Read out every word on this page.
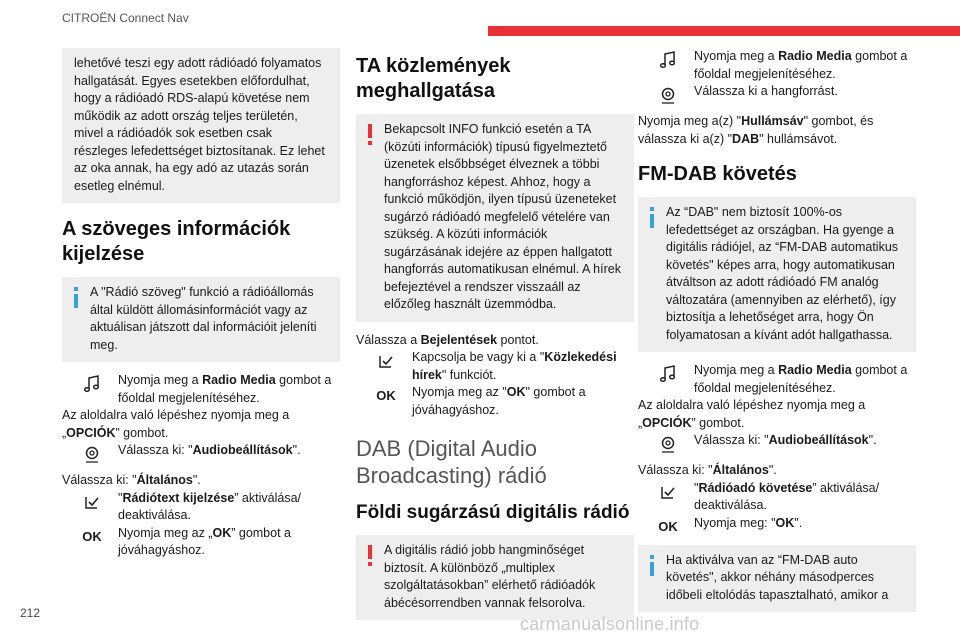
CITROËN Connect Nav
lehetővé teszi egy adott rádióadó folyamatos hallgatását. Egyes esetekben előfordulhat, hogy a rádióadó RDS-alapú követése nem működik az adott ország teljes területén, mivel a rádióadók sok esetben csak részleges lefedettséget biztosítanak. Ez lehet az oka annak, ha egy adó az utazás során esetleg elnémul.
A szöveges információk kijelzése
A "Rádió szöveg" funkció a rádióállomás által küldött állomásinformációt vagy az aktuálisan játszott dal információit jeleníti meg.
Nyomja meg a Radio Media gombot a főoldal megjelenítéséhez.

Az aloldalra való lépéshez nyomja meg a „OPCIÓK” gombot.

Válassza ki: "Audiobeállítások".

Válassza ki: "Általános".

"Rádiótext kijelzése” aktiválása/ deaktiválása.
OK Nyomja meg az „OK” gombot a jóváhagyáshoz.
TA közlemények meghallgatása
Bekapcsolt INFO funkció esetén a TA (közúti információk) típusú figyelmeztető üzenetek elsőbbséget élveznek a többi hangforráshoz képest. Ahhoz, hogy a funkció működjön, ilyen típusú üzeneteket sugárzó rádióadó megfelelő vételére van szükség. A közúti információk sugárzásának idejére az éppen hallgatott hangforrás automatikusan elnémul. A hírek befejeztével a rendszer visszaáll az előzőleg használt üzemmódba.

Válassza a Bejelentések pontot.

Kapcsolja be vagy ki a "Közlekedési hírek" funkciót.
OK Nyomja meg az "OK" gombot a jóváhagyáshoz.
DAB (Digital Audio Broadcasting) rádió
Földi sugárzású digitális rádió
A digitális rádió jobb hangminőséget biztosít. A különböző „multiplex szolgáltatásokban” elérhető rádióadók ábécésorrendben vannak felsorolva.
Nyomja meg a Radio Media gombot a főoldal megjelenítéséhez.
Válassza ki a hangforrást.

Nyomja meg a(z) "Hullámsáv" gombot, és válassza ki a(z) "DAB" hullámsávot.

FM-DAB követés
Az “DAB" nem biztosít 100%-os lefedettséget az országban. Ha gyenge a digitális rádiójel, az “FM-DAB automatikus követés" képes arra, hogy automatikusan átváltson az adott rádióadó FM analóg változatára (amennyiben az elérhető), így biztosítja a lehetőséget arra, hogy Ön folyamatosan a kívánt adót hallgathassa.
Nyomja meg a Radio Media gombot a főoldal megjelenítéséhez.

Az aloldalra való lépéshez nyomja meg a „OPCIÓK” gombot.

Válassza ki: "Audiobeállítások".

Válassza ki: "Általános".

"Rádióadó követése” aktiválása/ deaktiválása.
OK Nyomja meg: "OK".
Ha aktiválva van az “FM-DAB auto követés", akkor néhány másodperces időbeli eltolódás tapasztalható, amikor a
212
carmanualsonline.info
